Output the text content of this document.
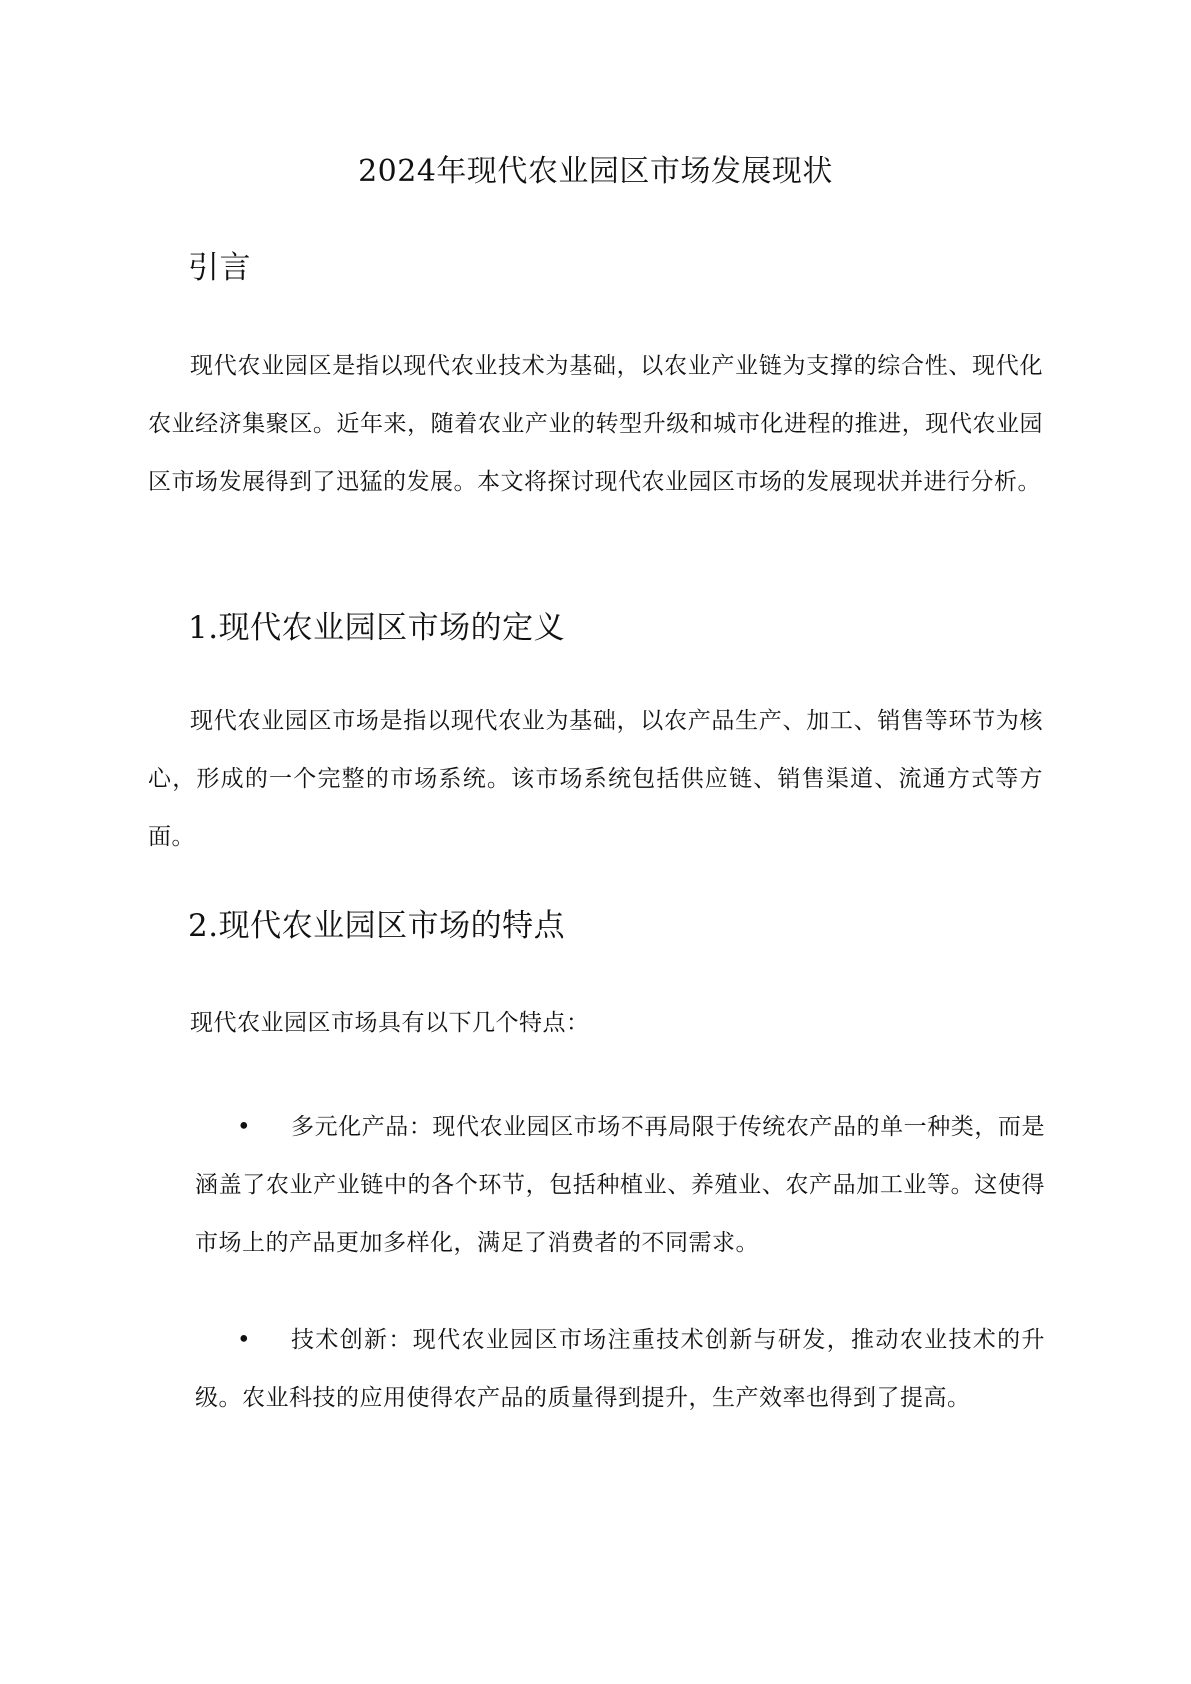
2024年现代农业园区市场发展现状
引言
现代农业园区是指以现代农业技术为基础，以农业产业链为支撑的综合性、现代化农业经济集聚区。近年来，随着农业产业的转型升级和城市化进程的推进，现代农业园区市场发展得到了迅猛的发展。本文将探讨现代农业园区市场的发展现状并进行分析。
1.现代农业园区市场的定义
现代农业园区市场是指以现代农业为基础，以农产品生产、加工、销售等环节为核心，形成的一个完整的市场系统。该市场系统包括供应链、销售渠道、流通方式等方面。
2.现代农业园区市场的特点
现代农业园区市场具有以下几个特点：
•	多元化产品：现代农业园区市场不再局限于传统农产品的单一种类，而是涵盖了农业产业链中的各个环节，包括种植业、养殖业、农产品加工业等。这使得市场上的产品更加多样化，满足了消费者的不同需求。
•	技术创新：现代农业园区市场注重技术创新与研发，推动农业技术的升级。农业科技的应用使得农产品的质量得到提升，生产效率也得到了提高。
